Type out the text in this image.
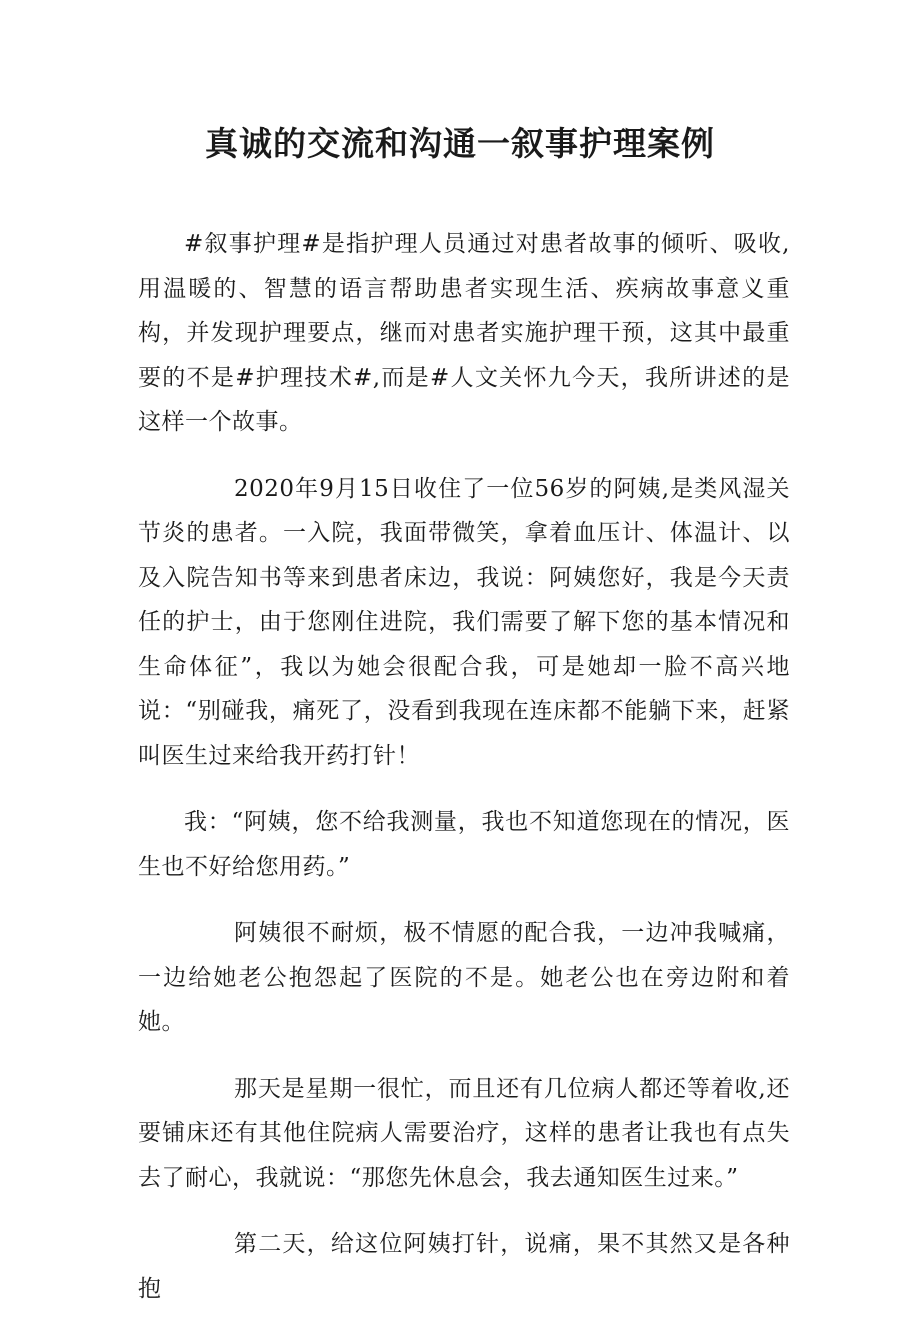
真诚的交流和沟通一叙事护理案例

#叙事护理#是指护理人员通过对患者故事的倾听、吸收,用温暖的、智慧的语言帮助患者实现生活、疾病故事意义重构，并发现护理要点，继而对患者实施护理干预，这其中最重要的不是#护理技术#,而是#人文关怀九今天，我所讲述的是这样一个故事。

2020年9月15日收住了一位56岁的阿姨,是类风湿关节炎的患者。一入院，我面带微笑，拿着血压计、体温计、以及入院告知书等来到患者床边，我说：阿姨您好，我是今天责任的护士，由于您刚住进院，我们需要了解下您的基本情况和生命体征”，我以为她会很配合我，可是她却一脸不高兴地说：“别碰我，痛死了，没看到我现在连床都不能躺下来，赶紧叫医生过来给我开药打针！

我：“阿姨，您不给我测量，我也不知道您现在的情况，医生也不好给您用药。”

阿姨很不耐烦，极不情愿的配合我，一边冲我喊痛，一边给她老公抱怨起了医院的不是。她老公也在旁边附和着她。

那天是星期一很忙，而且还有几位病人都还等着收,还要铺床还有其他住院病人需要治疗，这样的患者让我也有点失去了耐心，我就说：“那您先休息会，我去通知医生过来。”

第二天，给这位阿姨打针，说痛，果不其然又是各种抱
